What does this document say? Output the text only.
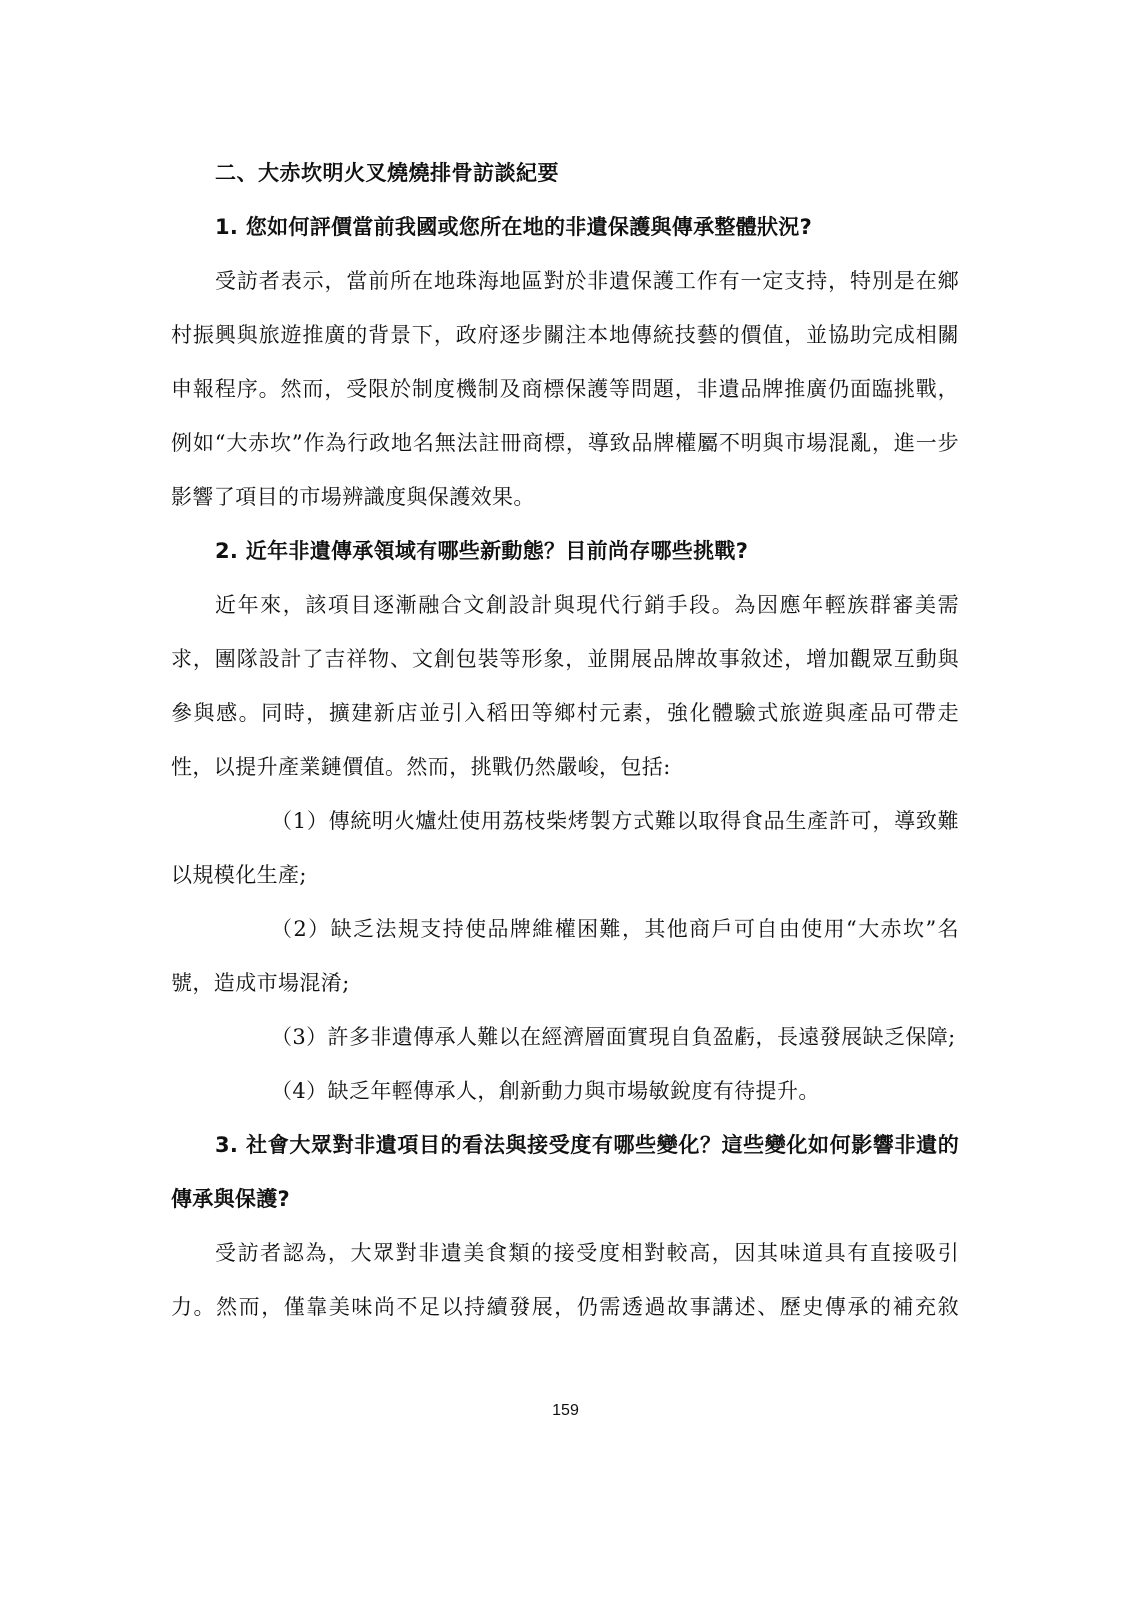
二、大赤坎明火叉燒燒排骨訪談紀要

1. 您如何評價當前我國或您所在地的非遺保護與傳承整體狀況?

受訪者表示，當前所在地珠海地區對於非遺保護工作有一定支持，特別是在鄉村振興與旅遊推廣的背景下，政府逐步關注本地傳統技藝的價值，並協助完成相關申報程序。然而，受限於制度機制及商標保護等問題，非遺品牌推廣仍面臨挑戰，例如“大赤坎”作為行政地名無法註冊商標，導致品牌權屬不明與市場混亂，進一步影響了項目的市場辨識度與保護效果。

2. 近年非遺傳承領域有哪些新動態？目前尚存哪些挑戰?

近年來，該項目逐漸融合文創設計與現代行銷手段。為因應年輕族群審美需求，團隊設計了吉祥物、文創包裝等形象，並開展品牌故事敘述，增加觀眾互動與參與感。同時，擴建新店並引入稻田等鄉村元素，強化體驗式旅遊與產品可帶走性，以提升產業鏈價值。然而，挑戰仍然嚴峻，包括:

（1）傳統明火爐灶使用荔枝柴烤製方式難以取得食品生產許可，導致難以規模化生產;

（2）缺乏法規支持使品牌維權困難，其他商戶可自由使用“大赤坎”名號，造成市場混淆;

（3）許多非遺傳承人難以在經濟層面實現自負盈虧，長遠發展缺乏保障;

（4）缺乏年輕傳承人，創新動力與市場敏銳度有待提升。

3. 社會大眾對非遺項目的看法與接受度有哪些變化？這些變化如何影響非遺的傳承與保護?

受訪者認為，大眾對非遺美食類的接受度相對較高，因其味道具有直接吸引力。然而，僅靠美味尚不足以持續發展，仍需透過故事講述、歷史傳承的補充敘

159
